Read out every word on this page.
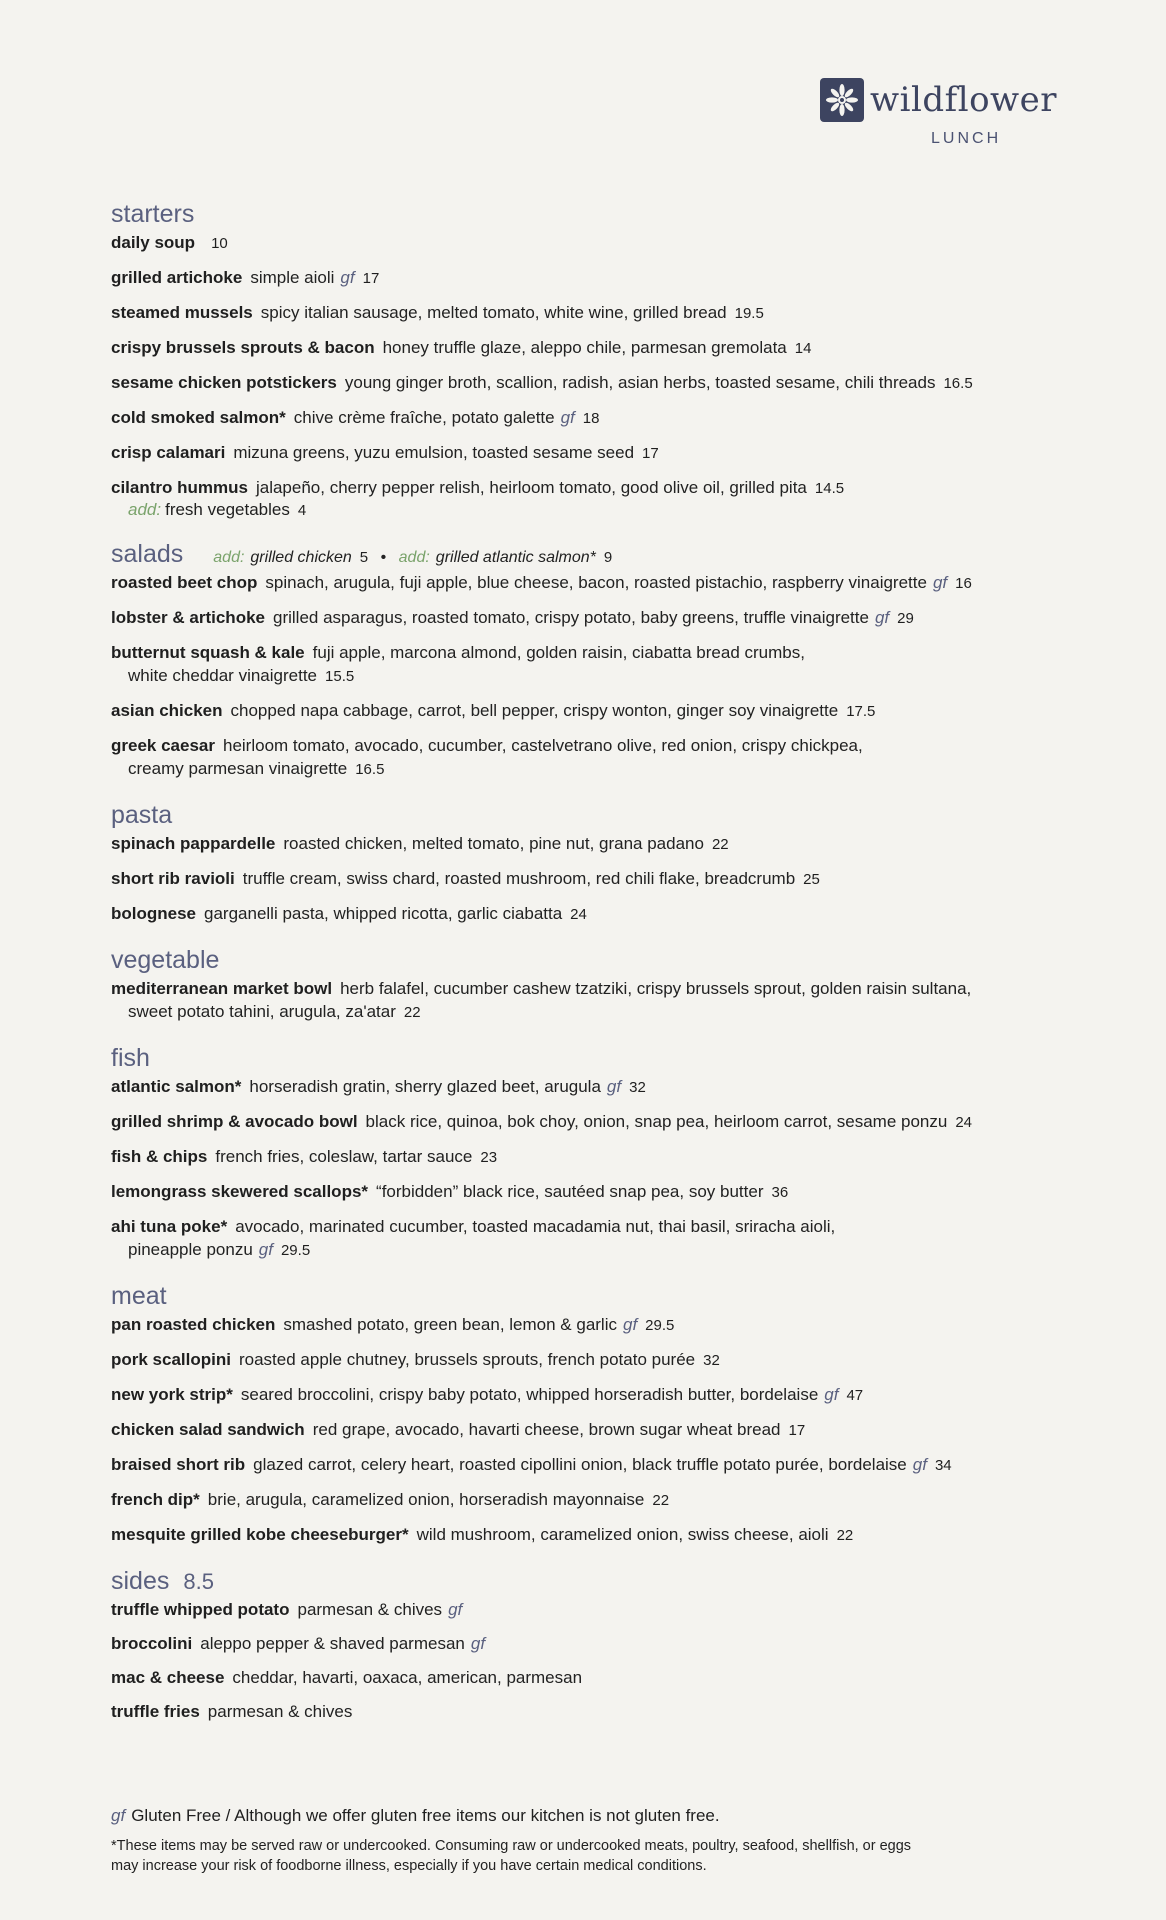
wildflower
LUNCH
starters
daily soup 10
grilled artichoke simple aioli gf 17
steamed mussels spicy italian sausage, melted tomato, white wine, grilled bread 19.5
crispy brussels sprouts & bacon honey truffle glaze, aleppo chile, parmesan gremolata 14
sesame chicken potstickers young ginger broth, scallion, radish, asian herbs, toasted sesame, chili threads 16.5
cold smoked salmon* chive crème fraîche, potato galette gf 18
crisp calamari mizuna greens, yuzu emulsion, toasted sesame seed 17
cilantro hummus jalapeño, cherry pepper relish, heirloom tomato, good olive oil, grilled pita 14.5
add: fresh vegetables 4
salads add: grilled chicken 5 • add: grilled atlantic salmon* 9
roasted beet chop spinach, arugula, fuji apple, blue cheese, bacon, roasted pistachio, raspberry vinaigrette gf 16
lobster & artichoke grilled asparagus, roasted tomato, crispy potato, baby greens, truffle vinaigrette gf 29
butternut squash & kale fuji apple, marcona almond, golden raisin, ciabatta bread crumbs,
white cheddar vinaigrette 15.5
asian chicken chopped napa cabbage, carrot, bell pepper, crispy wonton, ginger soy vinaigrette 17.5
greek caesar heirloom tomato, avocado, cucumber, castelvetrano olive, red onion, crispy chickpea,
creamy parmesan vinaigrette 16.5
pasta
spinach pappardelle roasted chicken, melted tomato, pine nut, grana padano 22
short rib ravioli truffle cream, swiss chard, roasted mushroom, red chili flake, breadcrumb 25
bolognese garganelli pasta, whipped ricotta, garlic ciabatta 24
vegetable
mediterranean market bowl herb falafel, cucumber cashew tzatziki, crispy brussels sprout, golden raisin sultana,
sweet potato tahini, arugula, za'atar 22
fish
atlantic salmon* horseradish gratin, sherry glazed beet, arugula gf 32
grilled shrimp & avocado bowl black rice, quinoa, bok choy, onion, snap pea, heirloom carrot, sesame ponzu 24
fish & chips french fries, coleslaw, tartar sauce 23
lemongrass skewered scallops* “forbidden” black rice, sautéed snap pea, soy butter 36
ahi tuna poke* avocado, marinated cucumber, toasted macadamia nut, thai basil, sriracha aioli,
pineapple ponzu gf 29.5
meat
pan roasted chicken smashed potato, green bean, lemon & garlic gf 29.5
pork scallopini roasted apple chutney, brussels sprouts, french potato purée 32
new york strip* seared broccolini, crispy baby potato, whipped horseradish butter, bordelaise gf 47
chicken salad sandwich red grape, avocado, havarti cheese, brown sugar wheat bread 17
braised short rib glazed carrot, celery heart, roasted cipollini onion, black truffle potato purée, bordelaise gf 34
french dip* brie, arugula, caramelized onion, horseradish mayonnaise 22
mesquite grilled kobe cheeseburger* wild mushroom, caramelized onion, swiss cheese, aioli 22
sides 8.5
truffle whipped potato parmesan & chives gf
broccolini aleppo pepper & shaved parmesan gf
mac & cheese cheddar, havarti, oaxaca, american, parmesan
truffle fries parmesan & chives
gf Gluten Free / Although we offer gluten free items our kitchen is not gluten free.
*These items may be served raw or undercooked. Consuming raw or undercooked meats, poultry, seafood, shellfish, or eggs
may increase your risk of foodborne illness, especially if you have certain medical conditions.
